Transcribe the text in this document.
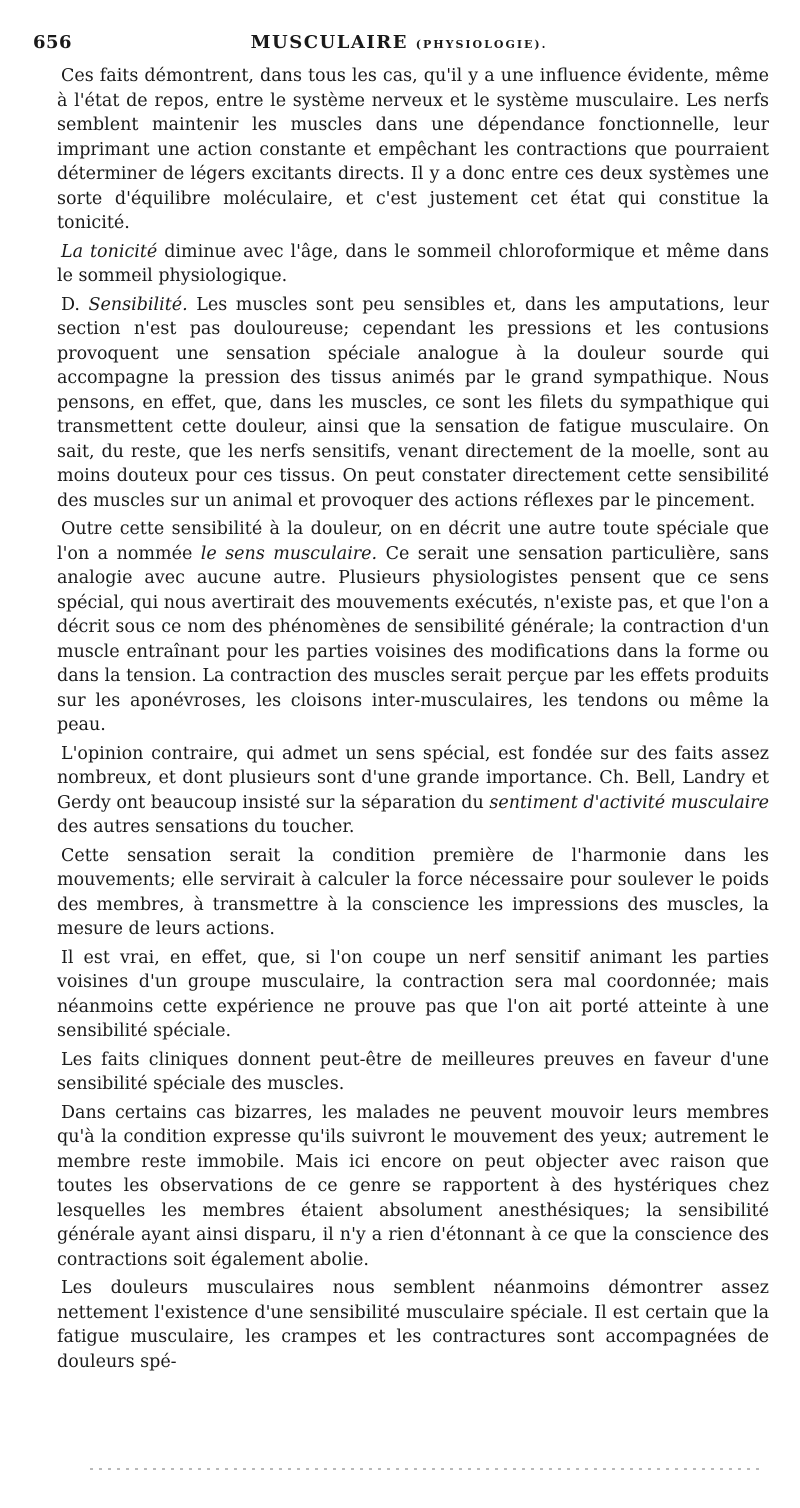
656	MUSCULAIRE (PHYSIOLOGIE).

Ces faits démontrent, dans tous les cas, qu'il y a une influence évidente, même à l'état de repos, entre le système nerveux et le système musculaire. Les nerfs semblent maintenir les muscles dans une dépendance fonctionnelle, leur imprimant une action constante et empêchant les contractions que pourraient déterminer de légers excitants directs. Il y a donc entre ces deux systèmes une sorte d'équilibre moléculaire, et c'est justement cet état qui constitue la tonicité.

La tonicité diminue avec l'âge, dans le sommeil chloroformique et même dans le sommeil physiologique.

D. Sensibilité. Les muscles sont peu sensibles et, dans les amputations, leur section n'est pas douloureuse; cependant les pressions et les contusions provoquent une sensation spéciale analogue à la douleur sourde qui accompagne la pression des tissus animés par le grand sympathique. Nous pensons, en effet, que, dans les muscles, ce sont les filets du sympathique qui transmettent cette douleur, ainsi que la sensation de fatigue musculaire. On sait, du reste, que les nerfs sensitifs, venant directement de la moelle, sont au moins douteux pour ces tissus. On peut constater directement cette sensibilité des muscles sur un animal et provoquer des actions réflexes par le pincement.

Outre cette sensibilité à la douleur, on en décrit une autre toute spéciale que l'on a nommée le sens musculaire. Ce serait une sensation particulière, sans analogie avec aucune autre. Plusieurs physiologistes pensent que ce sens spécial, qui nous avertirait des mouvements exécutés, n'existe pas, et que l'on a décrit sous ce nom des phénomènes de sensibilité générale; la contraction d'un muscle entraînant pour les parties voisines des modifications dans la forme ou dans la tension. La contraction des muscles serait perçue par les effets produits sur les aponévroses, les cloisons inter-musculaires, les tendons ou même la peau.

L'opinion contraire, qui admet un sens spécial, est fondée sur des faits assez nombreux, et dont plusieurs sont d'une grande importance. Ch. Bell, Landry et Gerdy ont beaucoup insisté sur la séparation du sentiment d'activité musculaire des autres sensations du toucher.

Cette sensation serait la condition première de l'harmonie dans les mouvements; elle servirait à calculer la force nécessaire pour soulever le poids des membres, à transmettre à la conscience les impressions des muscles, la mesure de leurs actions.

Il est vrai, en effet, que, si l'on coupe un nerf sensitif animant les parties voisines d'un groupe musculaire, la contraction sera mal coordonnée; mais néanmoins cette expérience ne prouve pas que l'on ait porté atteinte à une sensibilité spéciale.

Les faits cliniques donnent peut-être de meilleures preuves en faveur d'une sensibilité spéciale des muscles.

Dans certains cas bizarres, les malades ne peuvent mouvoir leurs membres qu'à la condition expresse qu'ils suivront le mouvement des yeux; autrement le membre reste immobile. Mais ici encore on peut objecter avec raison que toutes les observations de ce genre se rapportent à des hystériques chez lesquelles les membres étaient absolument anesthésiques; la sensibilité générale ayant ainsi disparu, il n'y a rien d'étonnant à ce que la conscience des contractions soit également abolie.

Les douleurs musculaires nous semblent néanmoins démontrer assez nettement l'existence d'une sensibilité musculaire spéciale. Il est certain que la fatigue musculaire, les crampes et les contractures sont accompagnées de douleurs spé-
